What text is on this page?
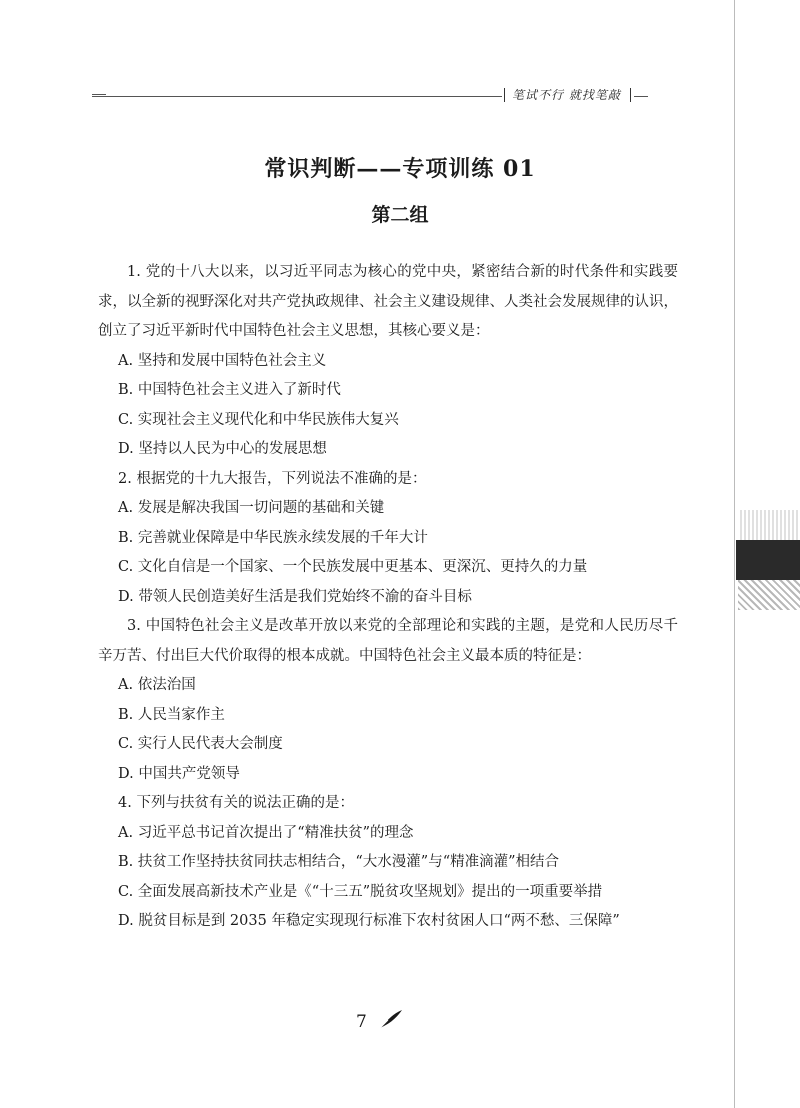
笔试不行 就找笔敲
常识判断——专项训练 01
第二组

1. 党的十八大以来，以习近平同志为核心的党中央，紧密结合新的时代条件和实践要求，以全新的视野深化对共产党执政规律、社会主义建设规律、人类社会发展规律的认识，创立了习近平新时代中国特色社会主义思想，其核心要义是：

A. 坚持和发展中国特色社会主义

B. 中国特色社会主义进入了新时代

C. 实现社会主义现代化和中华民族伟大复兴

D. 坚持以人民为中心的发展思想

2. 根据党的十九大报告，下列说法不准确的是：

A. 发展是解决我国一切问题的基础和关键

B. 完善就业保障是中华民族永续发展的千年大计

C. 文化自信是一个国家、一个民族发展中更基本、更深沉、更持久的力量

D. 带领人民创造美好生活是我们党始终不渝的奋斗目标

3. 中国特色社会主义是改革开放以来党的全部理论和实践的主题，是党和人民历尽千辛万苦、付出巨大代价取得的根本成就。中国特色社会主义最本质的特征是：

A. 依法治国

B. 人民当家作主

C. 实行人民代表大会制度

D. 中国共产党领导

4. 下列与扶贫有关的说法正确的是：

A. 习近平总书记首次提出了“精准扶贫”的理念

B. 扶贫工作坚持扶贫同扶志相结合，“大水漫灌”与“精准滴灌”相结合

C. 全面发展高新技术产业是《“十三五”脱贫攻坚规划》提出的一项重要举措

D. 脱贫目标是到 2035 年稳定实现现行标准下农村贫困人口“两不愁、三保障”

7
